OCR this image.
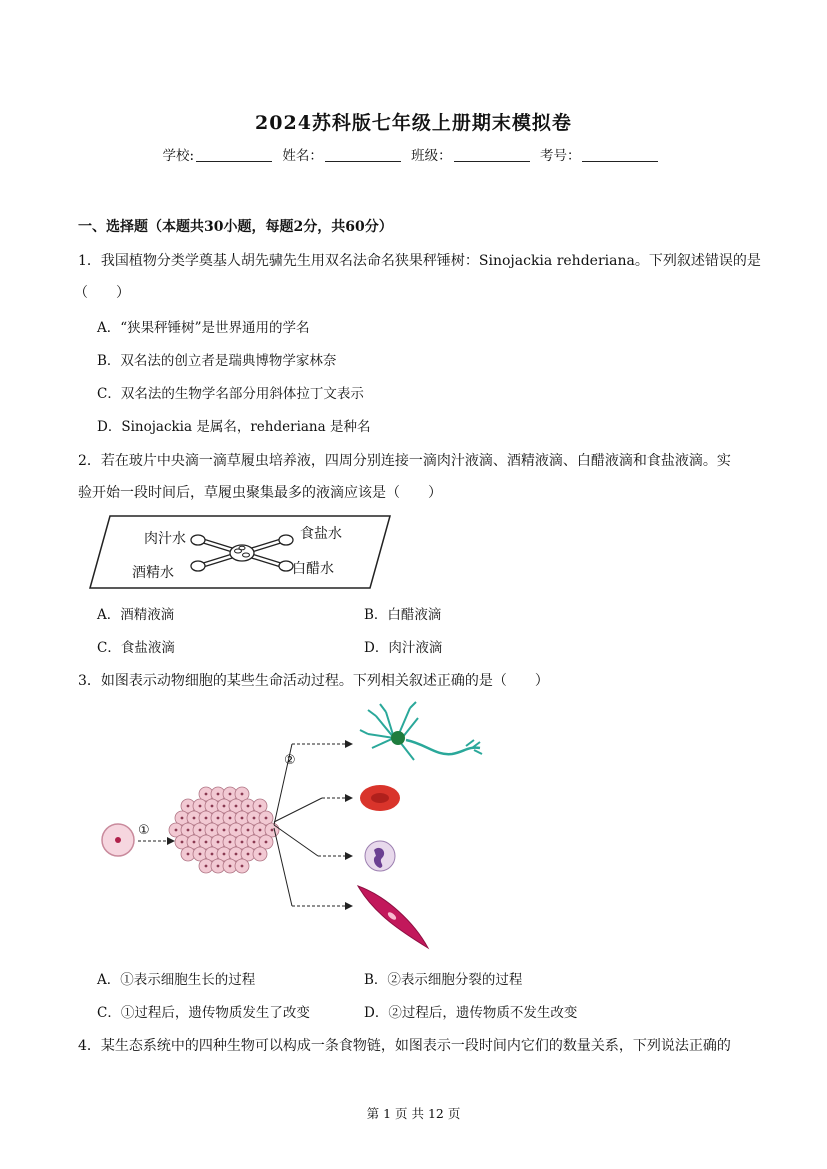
2024苏科版七年级上册期末模拟卷
学校:	姓名：	班级：	考号：
一、选择题（本题共30小题，每题2分，共60分）
1．我国植物分类学奠基人胡先骕先生用双名法命名狭果秤锤树：Sinojackia rehderiana。下列叙述错误的是
（　　）
A．“狭果秤锤树”是世界通用的学名
B．双名法的创立者是瑞典博物学家林奈
C．双名法的生物学名部分用斜体拉丁文表示
D．Sinojackia 是属名，rehderiana 是种名
2．若在玻片中央滴一滴草履虫培养液，四周分别连接一滴肉汁液滴、酒精液滴、白醋液滴和食盐液滴。实
验开始一段时间后，草履虫聚集最多的液滴应该是（　　）
肉汁水	食盐水
酒精水	白醋水
A．酒精液滴	B．白醋液滴
C．食盐液滴	D．肉汁液滴
3．如图表示动物细胞的某些生命活动过程。下列相关叙述正确的是（　　）
①
②
A．①表示细胞生长的过程	B．②表示细胞分裂的过程
C．①过程后，遗传物质发生了改变	D．②过程后，遗传物质不发生改变
4．某生态系统中的四种生物可以构成一条食物链，如图表示一段时间内它们的数量关系，下列说法正确的
第 1 页 共 12 页
